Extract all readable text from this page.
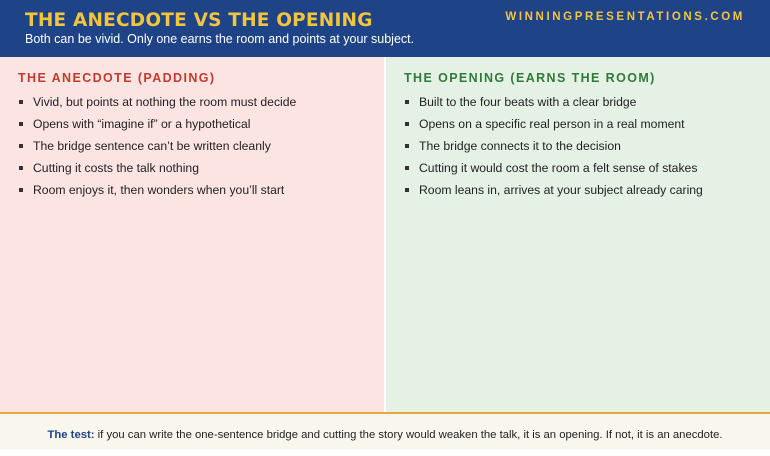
THE ANECDOTE VS THE OPENING	WINNINGPRESENTATIONS.COM
Both can be vivid. Only one earns the room and points at your subject.
THE ANECDOTE (PADDING)
Vivid, but points at nothing the room must decide
Opens with “imagine if” or a hypothetical
The bridge sentence can’t be written cleanly
Cutting it costs the talk nothing
Room enjoys it, then wonders when you’ll start
THE OPENING (EARNS THE ROOM)
Built to the four beats with a clear bridge
Opens on a specific real person in a real moment
The bridge connects it to the decision
Cutting it would cost the room a felt sense of stakes
Room leans in, arrives at your subject already caring
The test: if you can write the one-sentence bridge and cutting the story would weaken the talk, it is an opening. If not, it is an anecdote.
